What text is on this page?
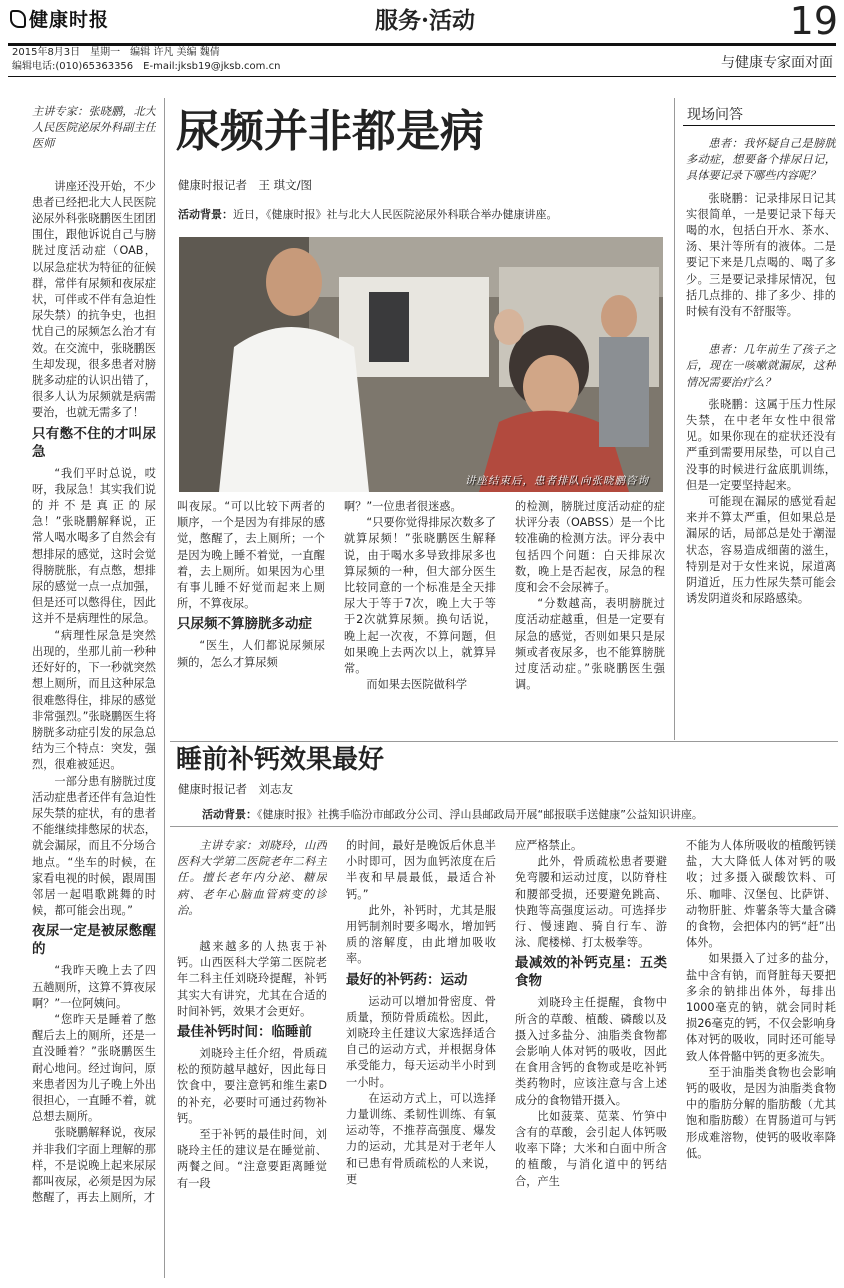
健康时报	服务·活动	19
2015年8月3日　星期一　编辑 许凡 美编 魏倩
编辑电话:(010)65363356　E-mail:jksb19@jksb.com.cn	与健康专家面对面
尿频并非都是病
健康时报记者　王 琪文/图
活动背景：近日，《健康时报》社与北大人民医院泌尿外科联合举办健康讲座。
讲座结束后，患者排队向张晓鹏咨询

主讲专家：张晓鹏，北大人民医院泌尿外科副主任医师

讲座还没开始，不少患者已经把北大人民医院泌尿外科张晓鹏医生团团围住，跟他诉说自己与膀胱过度活动症（OAB，以尿急症状为特征的征候群，常伴有尿频和夜尿症状，可伴或不伴有急迫性尿失禁）的抗争史，也担忧自己的尿频怎么治才有效。在交流中，张晓鹏医生却发现，很多患者对膀胱多动症的认识出错了，很多人认为尿频就是病需要治，也就无需多了！

只有憋不住的才叫尿急

“我们平时总说，哎呀，我尿急！其实我们说的并不是真正的尿急！”张晓鹏解释说，正常人喝水喝多了自然会有想排尿的感觉，这时会觉得膀胱胀，有点憋，想排尿的感觉一点一点加强，但是还可以憋得住，因此这并不是病理性的尿急。

“病理性尿急是突然出现的，坐那儿前一秒种还好好的，下一秒就突然想上厕所，而且这种尿急很难憋得住，排尿的感觉非常强烈。”张晓鹏医生将膀胱多动症引发的尿急总结为三个特点：突发，强烈，很难被延迟。

一部分患有膀胱过度活动症患者还伴有急迫性尿失禁的症状，有的患者不能继续排憋尿的状态，就会漏尿，而且不分场合地点。“坐车的时候，在家看电视的时候，跟周围邻居一起唱歌跳舞的时候，都可能会出现。”

夜尿一定是被尿憋醒的

“我昨天晚上去了四五趟厕所，这算不算夜尿啊？”一位阿姨问。

“您昨天是睡着了憋醒后去上的厕所，还是一直没睡着？”张晓鹏医生耐心地问。经过询问，原来患者因为儿子晚上外出很担心，一直睡不着，就总想去厕所。

张晓鹏解释说，夜尿并非我们字面上理解的那样，不是说晚上起来尿尿都叫夜尿，必须是因为尿憋醒了，再去上厕所，才

叫夜尿。“可以比较下两者的顺序，一个是因为有排尿的感觉，憋醒了，去上厕所；一个是因为晚上睡不着觉，一直醒着，去上厕所。如果因为心里有事儿睡不好觉而起来上厕所，不算夜尿。

只尿频不算膀胱多动症

“医生，人们都说尿频尿频的，怎么才算尿频

啊？”一位患者很迷惑。

“只要你觉得排尿次数多了就算尿频！”张晓鹏医生解释说，由于喝水多导致排尿多也算尿频的一种，但大部分医生比较同意的一个标准是全天排尿大于等于7次，晚上大于等于2次就算尿频。换句话说，晚上起一次夜，不算问题，但如果晚上去两次以上，就算异常。

而如果去医院做科学

的检测，膀胱过度活动症的症状评分表（OABSS）是一个比较准确的检测方法。评分表中包括四个问题：白天排尿次数，晚上是否起夜，尿急的程度和会不会尿裤子。

“分数越高，表明膀胱过度活动症越重，但是一定要有尿急的感觉，否则如果只是尿频或者夜尿多，也不能算膀胱过度活动症。”张晓鹏医生强调。

现场问答

患者：我怀疑自己是膀胱多动症，想要备个排尿日记，具体要记录下哪些内容呢？

张晓鹏：记录排尿日记其实很简单，一是要记录下每天喝的水，包括白开水、茶水、汤、果汁等所有的液体。二是要记下来是几点喝的、喝了多少。三是要记录排尿情况，包括几点排的、排了多少、排的时候有没有不舒服等。

患者：几年前生了孩子之后，现在一咳嗽就漏尿，这种情况需要治疗么？

张晓鹏：这属于压力性尿失禁，在中老年女性中很常见。如果你现在的症状还没有严重到需要用尿垫，可以自己没事的时候进行盆底肌训练，但是一定要坚持起来。

可能现在漏尿的感觉看起来并不算太严重，但如果总是漏尿的话，局部总是处于潮湿状态，容易造成细菌的滋生，特别是对于女性来说，尿道离阴道近，压力性尿失禁可能会诱发阴道炎和尿路感染。

睡前补钙效果最好
健康时报记者　刘志友
活动背景：《健康时报》社携手临汾市邮政分公司、浮山县邮政局开展“邮报联手送健康”公益知识讲座。

主讲专家：刘晓玲，山西医科大学第二医院老年二科主任。擅长老年内分泌、糖尿病、老年心脑血管病变的诊治。

越来越多的人热衷于补钙。山西医科大学第二医院老年二科主任刘晓玲提醒，补钙其实大有讲究，尤其在合适的时间补钙，效果才会更好。

最佳补钙时间：临睡前

刘晓玲主任介绍，骨质疏松的预防越早越好，因此每日饮食中，要注意钙和维生素D的补充，必要时可通过药物补钙。

至于补钙的最佳时间，刘晓玲主任的建议是在睡觉前、两餐之间。“注意要距离睡觉有一段

的时间，最好是晚饭后休息半小时即可，因为血钙浓度在后半夜和早晨最低，最适合补钙。”

此外，补钙时，尤其是服用钙制剂时要多喝水，增加钙质的溶解度，由此增加吸收率。

最好的补钙药：运动

运动可以增加骨密度、骨质量，预防骨质疏松。因此，刘晓玲主任建议大家选择适合自己的运动方式，并根据身体承受能力，每天运动半小时到一小时。

在运动方式上，可以选择力量训练、柔韧性训练、有氧运动等，不推荐高强度、爆发力的运动，尤其是对于老年人和已患有骨质疏松的人来说，更

应严格禁止。

此外，骨质疏松患者要避免弯腰和运动过度，以防脊柱和腰部受损，还要避免跳高、快跑等高强度运动。可选择步行、慢速跑、骑自行车、游泳、爬楼梯、打太极拳等。

最减效的补钙克星：五类食物

刘晓玲主任提醒，食物中所含的草酸、植酸、磷酸以及摄入过多盐分、油脂类食物都会影响人体对钙的吸收，因此在食用含钙的食物或是吃补钙类药物时，应该注意与含上述成分的食物错开摄入。

比如菠菜、苋菜、竹笋中含有的草酸，会引起人体钙吸收率下降；大米和白面中所含的植酸，与消化道中的钙结合，产生

不能为人体所吸收的植酸钙镁盐，大大降低人体对钙的吸收；过多摄入碳酸饮料、可乐、咖啡、汉堡包、比萨饼、动物肝脏、炸薯条等大量含磷的食物，会把体内的钙“赶”出体外。

如果摄入了过多的盐分，盐中含有钠，而肾脏每天要把多余的钠排出体外，每排出1000毫克的钠，就会同时耗损26毫克的钙，不仅会影响身体对钙的吸收，同时还可能导致人体骨骼中钙的更多流失。

至于油脂类食物也会影响钙的吸收，是因为油脂类食物中的脂肪分解的脂肪酸（尤其饱和脂肪酸）在胃肠道可与钙形成难溶物，使钙的吸收率降低。
